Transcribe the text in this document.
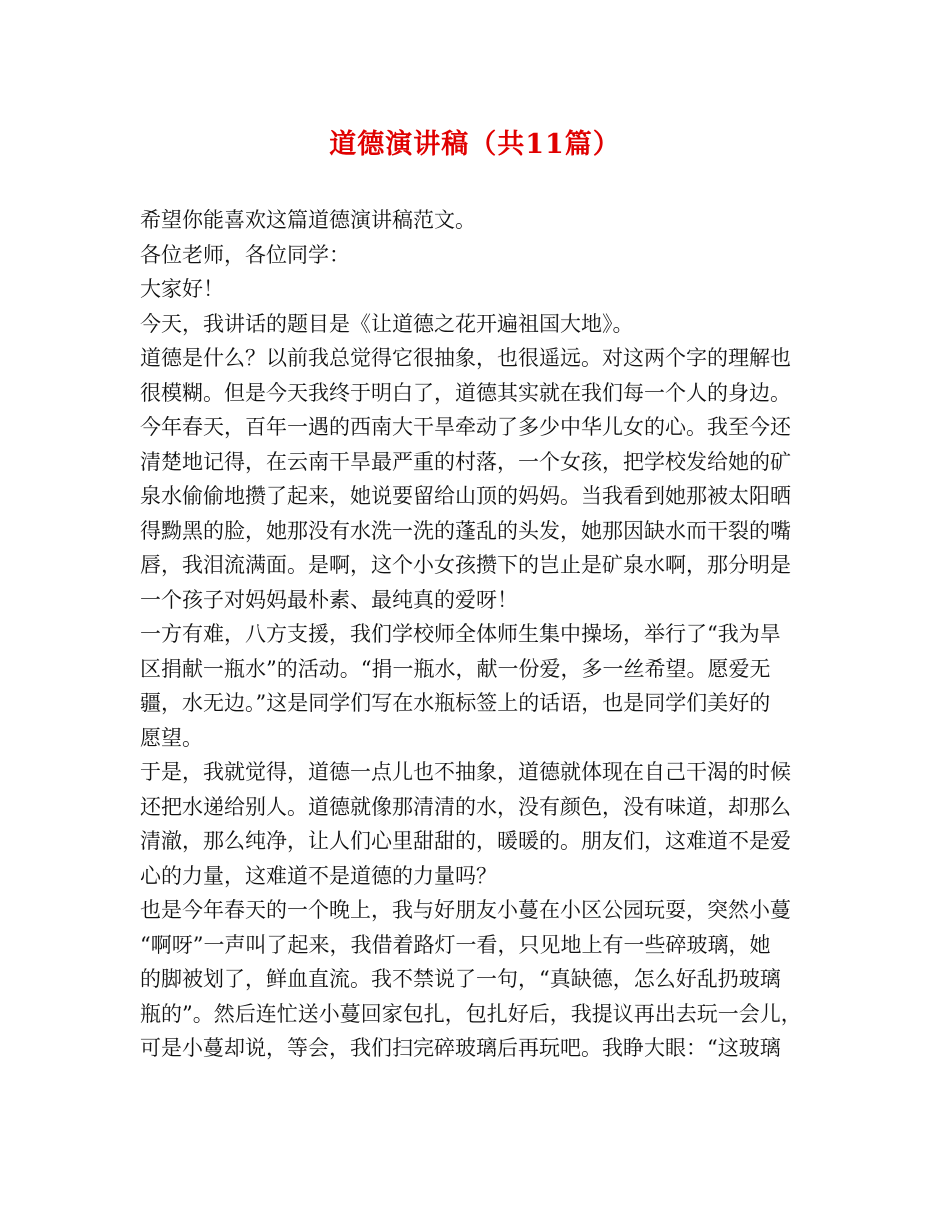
道德演讲稿（共11篇）
希望你能喜欢这篇道德演讲稿范文。
各位老师，各位同学：
大家好！
今天，我讲话的题目是《让道德之花开遍祖国大地》。
道德是什么？以前我总觉得它很抽象，也很遥远。对这两个字的理解也
很模糊。但是今天我终于明白了，道德其实就在我们每一个人的身边。
今年春天，百年一遇的西南大干旱牵动了多少中华儿女的心。我至今还
清楚地记得，在云南干旱最严重的村落，一个女孩，把学校发给她的矿
泉水偷偷地攒了起来，她说要留给山顶的妈妈。当我看到她那被太阳晒
得黝黑的脸，她那没有水洗一洗的蓬乱的头发，她那因缺水而干裂的嘴
唇，我泪流满面。是啊，这个小女孩攒下的岂止是矿泉水啊，那分明是
一个孩子对妈妈最朴素、最纯真的爱呀！
一方有难，八方支援，我们学校师全体师生集中操场，举行了“我为旱
区捐献一瓶水”的活动。“捐一瓶水，献一份爱，多一丝希望。愿爱无
疆，水无边。”这是同学们写在水瓶标签上的话语，也是同学们美好的
愿望。
于是，我就觉得，道德一点儿也不抽象，道德就体现在自己干渴的时候
还把水递给别人。道德就像那清清的水，没有颜色，没有味道，却那么
清澈，那么纯净，让人们心里甜甜的，暖暖的。朋友们，这难道不是爱
心的力量，这难道不是道德的力量吗？
也是今年春天的一个晚上，我与好朋友小蔓在小区公园玩耍，突然小蔓
“啊呀”一声叫了起来，我借着路灯一看，只见地上有一些碎玻璃，她
的脚被划了，鲜血直流。我不禁说了一句，“真缺德，怎么好乱扔玻璃
瓶的”。然后连忙送小蔓回家包扎，包扎好后，我提议再出去玩一会儿，
可是小蔓却说，等会，我们扫完碎玻璃后再玩吧。我睁大眼：“这玻璃
